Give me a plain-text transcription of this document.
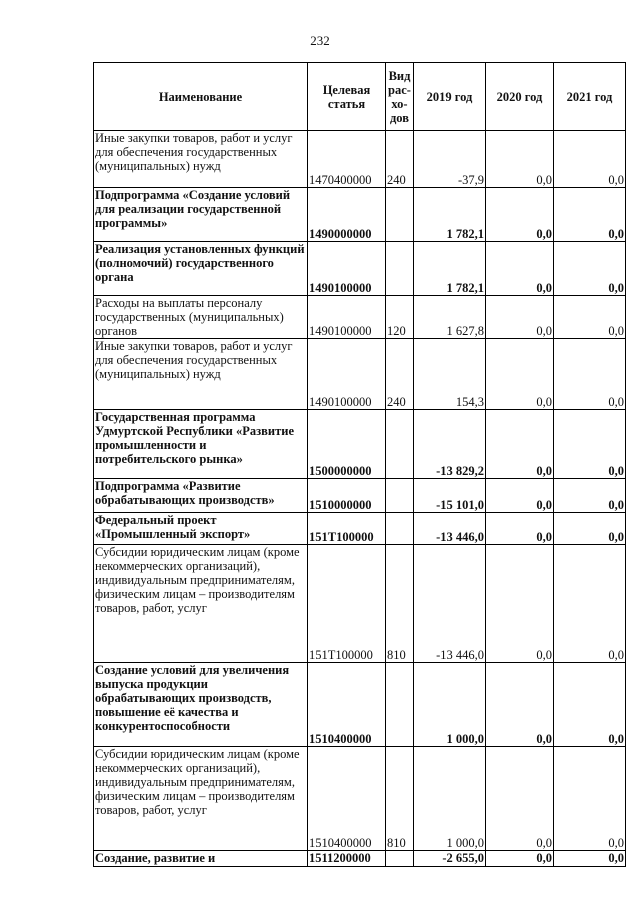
232
Наименование	Целевая статья	Вид рас-хо-дов	2019 год	2020 год	2021 год
Иные закупки товаров, работ и услуг для обеспечения государственных (муниципальных) нужд	1470400000	240	-37,9	0,0	0,0
Подпрограмма «Создание условий для реализации государственной программы»	1490000000		1 782,1	0,0	0,0
Реализация установленных функций (полномочий) государственного органа	1490100000		1 782,1	0,0	0,0
Расходы на выплаты персоналу государственных (муниципальных) органов	1490100000	120	1 627,8	0,0	0,0
Иные закупки товаров, работ и услуг для обеспечения государственных (муниципальных) нужд	1490100000	240	154,3	0,0	0,0
Государственная программа Удмуртской Республики «Развитие промышленности и потребительского рынка»	1500000000		-13 829,2	0,0	0,0
Подпрограмма «Развитие обрабатывающих производств»	1510000000		-15 101,0	0,0	0,0
Федеральный проект «Промышленный экспорт»	151T100000		-13 446,0	0,0	0,0
Субсидии юридическим лицам (кроме некоммерческих организаций), индивидуальным предпринимателям, физическим лицам – производителям товаров, работ, услуг	151T100000	810	-13 446,0	0,0	0,0
Создание условий для увеличения выпуска продукции обрабатывающих производств, повышение её качества и конкурентоспособности	1510400000		1 000,0	0,0	0,0
Субсидии юридическим лицам (кроме некоммерческих организаций), индивидуальным предпринимателям, физическим лицам – производителям товаров, работ, услуг	1510400000	810	1 000,0	0,0	0,0
Создание, развитие и	1511200000		-2 655,0	0,0	0,0
